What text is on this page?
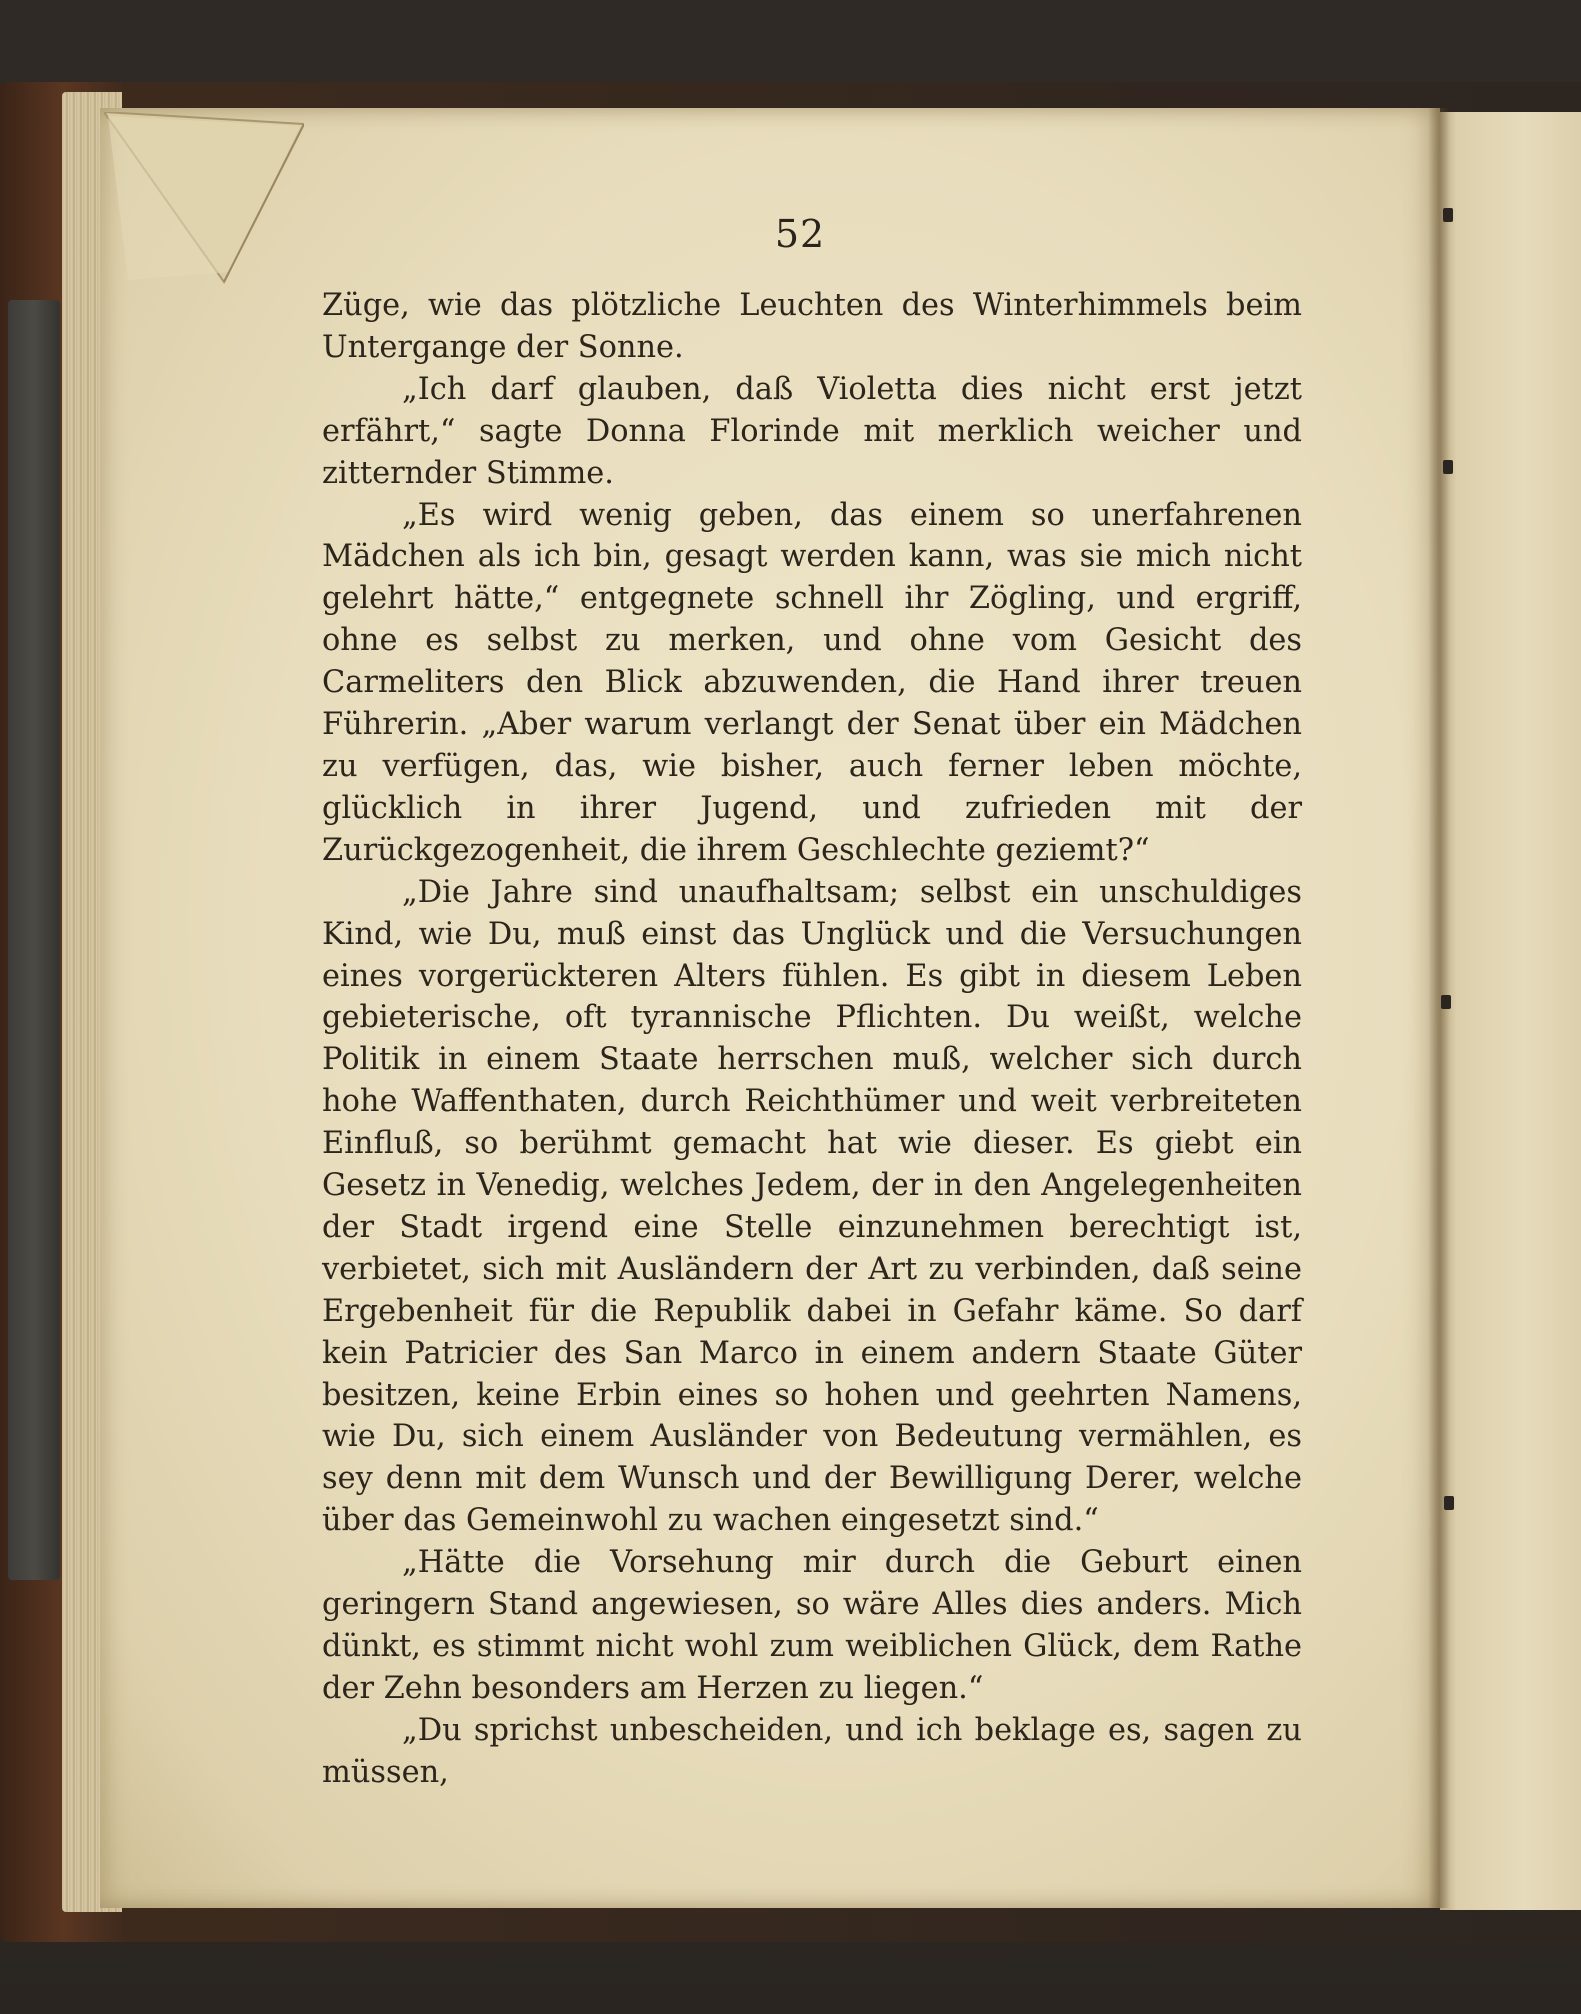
52

Züge, wie das plötzliche Leuchten des Winterhimmels beim Untergange der Sonne.

„Ich darf glauben, daß Violetta dies nicht erst jetzt erfährt,“ sagte Donna Florinde mit merklich weicher und zitternder Stimme.

„Es wird wenig geben, das einem so unerfahrenen Mädchen als ich bin, gesagt werden kann, was sie mich nicht gelehrt hätte,“ entgegnete schnell ihr Zögling, und ergriff, ohne es selbst zu merken, und ohne vom Gesicht des Carmeliters den Blick abzuwenden, die Hand ihrer treuen Führerin. „Aber warum verlangt der Senat über ein Mädchen zu verfügen, das, wie bisher, auch ferner leben möchte, glücklich in ihrer Jugend, und zufrieden mit der Zurückgezogenheit, die ihrem Geschlechte geziemt?“

„Die Jahre sind unaufhaltsam; selbst ein unschuldiges Kind, wie Du, muß einst das Unglück und die Versuchungen eines vorgerückteren Alters fühlen. Es gibt in diesem Leben gebieterische, oft tyrannische Pflichten. Du weißt, welche Politik in einem Staate herrschen muß, welcher sich durch hohe Waffenthaten, durch Reichthümer und weit verbreiteten Einfluß, so berühmt gemacht hat wie dieser. Es giebt ein Gesetz in Venedig, welches Jedem, der in den Angelegenheiten der Stadt irgend eine Stelle einzunehmen berechtigt ist, verbietet, sich mit Ausländern der Art zu verbinden, daß seine Ergebenheit für die Republik dabei in Gefahr käme. So darf kein Patricier des San Marco in einem andern Staate Güter besitzen, keine Erbin eines so hohen und geehrten Namens, wie Du, sich einem Ausländer von Bedeutung vermählen, es sey denn mit dem Wunsch und der Bewilligung Derer, welche über das Gemeinwohl zu wachen eingesetzt sind.“

„Hätte die Vorsehung mir durch die Geburt einen geringern Stand angewiesen, so wäre Alles dies anders. Mich dünkt, es stimmt nicht wohl zum weiblichen Glück, dem Rathe der Zehn besonders am Herzen zu liegen.“

„Du sprichst unbescheiden, und ich beklage es, sagen zu müssen,
